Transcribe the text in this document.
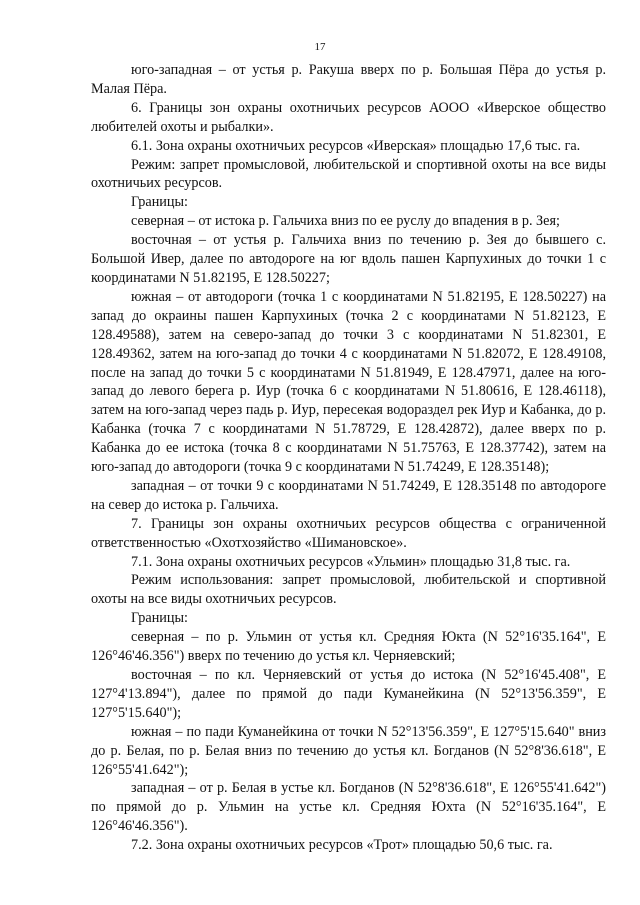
17

юго-западная – от устья р. Ракуша вверх по р. Большая Пёра до устья р. Малая Пёра.

6. Границы зон охраны охотничьих ресурсов АОOO «Иверское общество любителей охоты и рыбалки».

6.1. Зона охраны охотничьих ресурсов «Иверская» площадью 17,6 тыс. га.

Режим: запрет промысловой, любительской и спортивной охоты на все виды охотничьих ресурсов.

Границы:

северная – от истока р. Гальчиха вниз по ее руслу до впадения в р. Зея;

восточная – от устья р. Гальчиха вниз по течению р. Зея до бывшего с. Большой Ивер, далее по автодороге на юг вдоль пашен Карпухиных до точки 1 с координатами N 51.82195, E 128.50227;

южная – от автодороги (точка 1 с координатами N 51.82195, E 128.50227) на запад до окраины пашен Карпухиных (точка 2 с координатами N 51.82123, E 128.49588), затем на северо-запад до точки 3 с координатами N 51.82301, E 128.49362, затем на юго-запад до точки 4 с координатами N 51.82072, E 128.49108, после на запад до точки 5 с координатами N 51.81949, E 128.47971, далее на юго-запад до левого берега р. Иур (точка 6 с координатами N 51.80616, E 128.46118), затем на юго-запад через падь р. Иур, пересекая водораздел рек Иур и Кабанка, до р. Кабанка (точка 7 с координатами N 51.78729, E 128.42872), далее вверх по р. Кабанка до ее истока (точка 8 с координатами N 51.75763, E 128.37742), затем на юго-запад до автодороги (точка 9 с координатами N 51.74249, E 128.35148);

западная – от точки 9 с координатами N 51.74249, E 128.35148 по автодороге на север до истока р. Гальчиха.

7. Границы зон охраны охотничьих ресурсов общества с ограниченной ответственностью «Охотхозяйство «Шимановское».

7.1. Зона охраны охотничьих ресурсов «Ульмин» площадью 31,8 тыс. га.

Режим использования: запрет промысловой, любительской и спортивной охоты на все виды охотничьих ресурсов.

Границы:

северная – по р. Ульмин от устья кл. Средняя Юкта (N 52°16'35.164", E 126°46'46.356") вверх по течению до устья кл. Черняевский;

восточная – по кл. Черняевский от устья до истока (N 52°16'45.408", E 127°4'13.894"), далее по прямой до пади Куманейкина (N 52°13'56.359", E 127°5'15.640");

южная – по пади Куманейкина от точки N 52°13'56.359", E 127°5'15.640" вниз до р. Белая, по р. Белая вниз по течению до устья кл. Богданов (N 52°8'36.618", E 126°55'41.642");

западная – от р. Белая в устье кл. Богданов (N 52°8'36.618", E 126°55'41.642") по прямой до р. Ульмин на устье кл. Средняя Юхта (N 52°16'35.164", E 126°46'46.356").

7.2. Зона охраны охотничьих ресурсов «Трот» площадью 50,6 тыс. га.
